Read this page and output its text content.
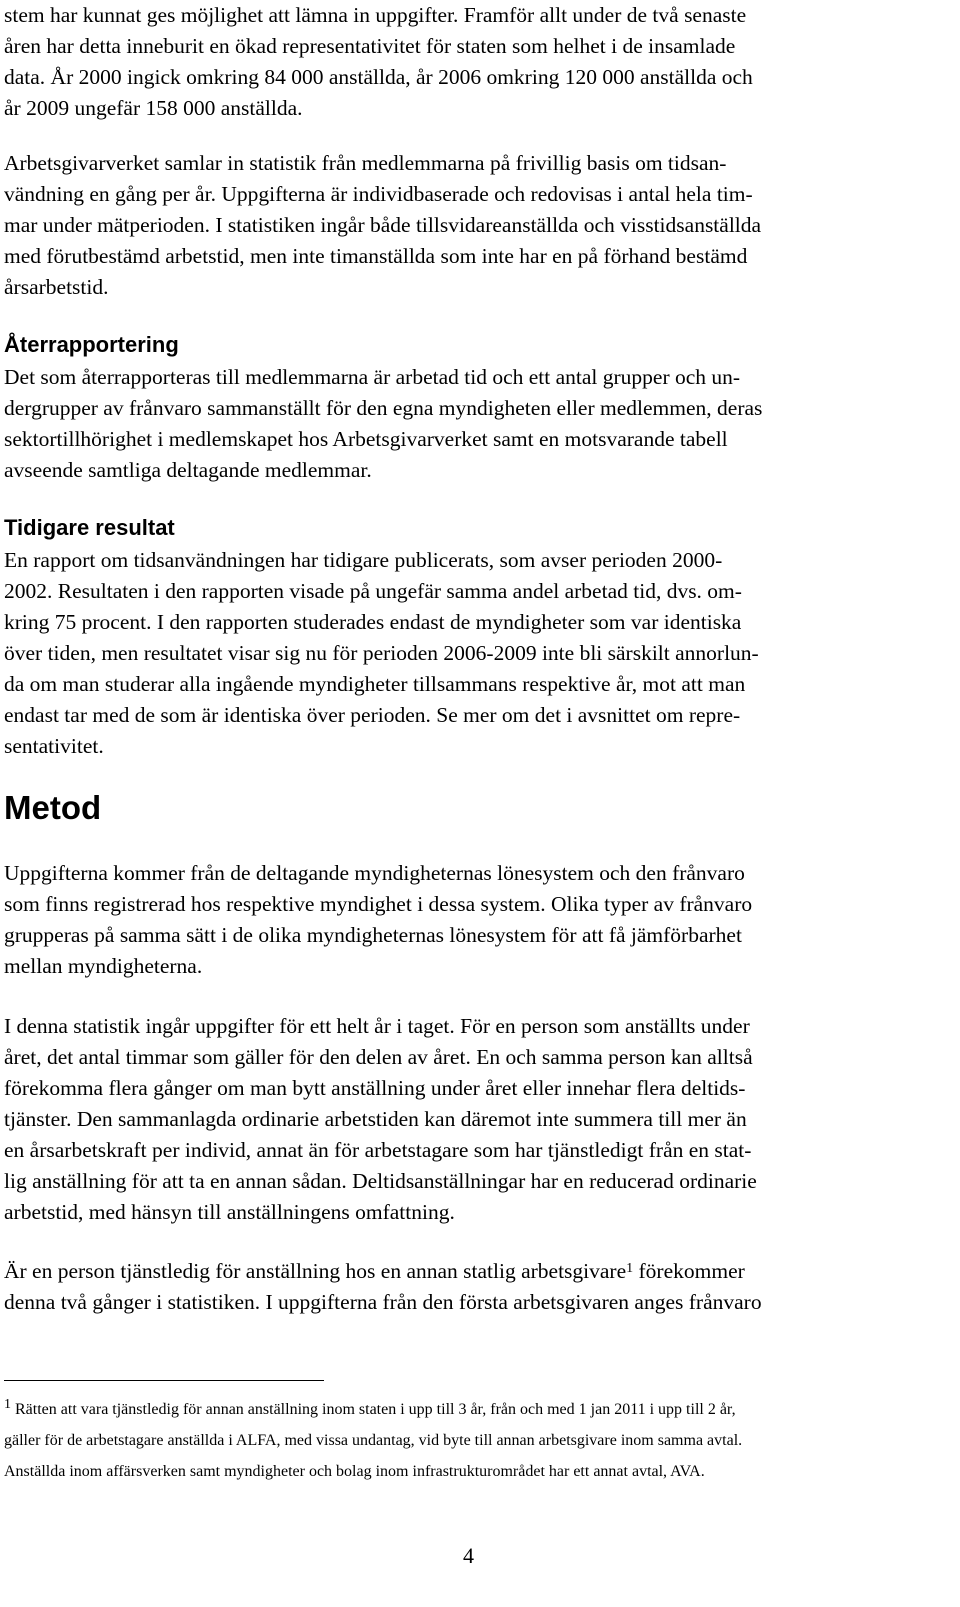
stem har kunnat ges möjlighet att lämna in uppgifter. Framför allt under de två senaste
åren har detta inneburit en ökad representativitet för staten som helhet i de insamlade
data. År 2000 ingick omkring 84 000 anställda, år 2006 omkring 120 000 anställda och
år 2009 ungefär 158 000 anställda.

Arbetsgivarverket samlar in statistik från medlemmarna på frivillig basis om tidsan-
vändning en gång per år. Uppgifterna är individbaserade och redovisas i antal hela tim-
mar under mätperioden. I statistiken ingår både tillsvidareanställda och visstidsanställda
med förutbestämd arbetstid, men inte timanställda som inte har en på förhand bestämd
årsarbetstid.

Återrapportering

Det som återrapporteras till medlemmarna är arbetad tid och ett antal grupper och un-
dergrupper av frånvaro sammanställt för den egna myndigheten eller medlemmen, deras
sektortillhörighet i medlemskapet hos Arbetsgivarverket samt en motsvarande tabell
avseende samtliga deltagande medlemmar.

Tidigare resultat

En rapport om tidsanvändningen har tidigare publicerats, som avser perioden 2000-
2002. Resultaten i den rapporten visade på ungefär samma andel arbetad tid, dvs. om-
kring 75 procent. I den rapporten studerades endast de myndigheter som var identiska
över tiden, men resultatet visar sig nu för perioden 2006-2009 inte bli särskilt annorlun-
da om man studerar alla ingående myndigheter tillsammans respektive år, mot att man
endast tar med de som är identiska över perioden. Se mer om det i avsnittet om repre-
sentativitet.

Metod

Uppgifterna kommer från de deltagande myndigheternas lönesystem och den frånvaro
som finns registrerad hos respektive myndighet i dessa system. Olika typer av frånvaro
grupperas på samma sätt i de olika myndigheternas lönesystem för att få jämförbarhet
mellan myndigheterna.

I denna statistik ingår uppgifter för ett helt år i taget. För en person som anställts under
året, det antal timmar som gäller för den delen av året. En och samma person kan alltså
förekomma flera gånger om man bytt anställning under året eller innehar flera deltids-
tjänster. Den sammanlagda ordinarie arbetstiden kan däremot inte summera till mer än
en årsarbetskraft per individ, annat än för arbetstagare som har tjänstledigt från en stat-
lig anställning för att ta en annan sådan. Deltidsanställningar har en reducerad ordinarie
arbetstid, med hänsyn till anställningens omfattning.

Är en person tjänstledig för anställning hos en annan statlig arbetsgivare$^1$ förekommer
denna två gånger i statistiken. I uppgifterna från den första arbetsgivaren anges frånvaro

$^1$ Rätten att vara tjänstledig för annan anställning inom staten i upp till 3 år, från och med 1 jan 2011 i upp till 2 år,
gäller för de arbetstagare anställda i ALFA, med vissa undantag, vid byte till annan arbetsgivare inom samma avtal.
Anställda inom affärsverken samt myndigheter och bolag inom infrastrukturområdet har ett annat avtal, AVA.
4
